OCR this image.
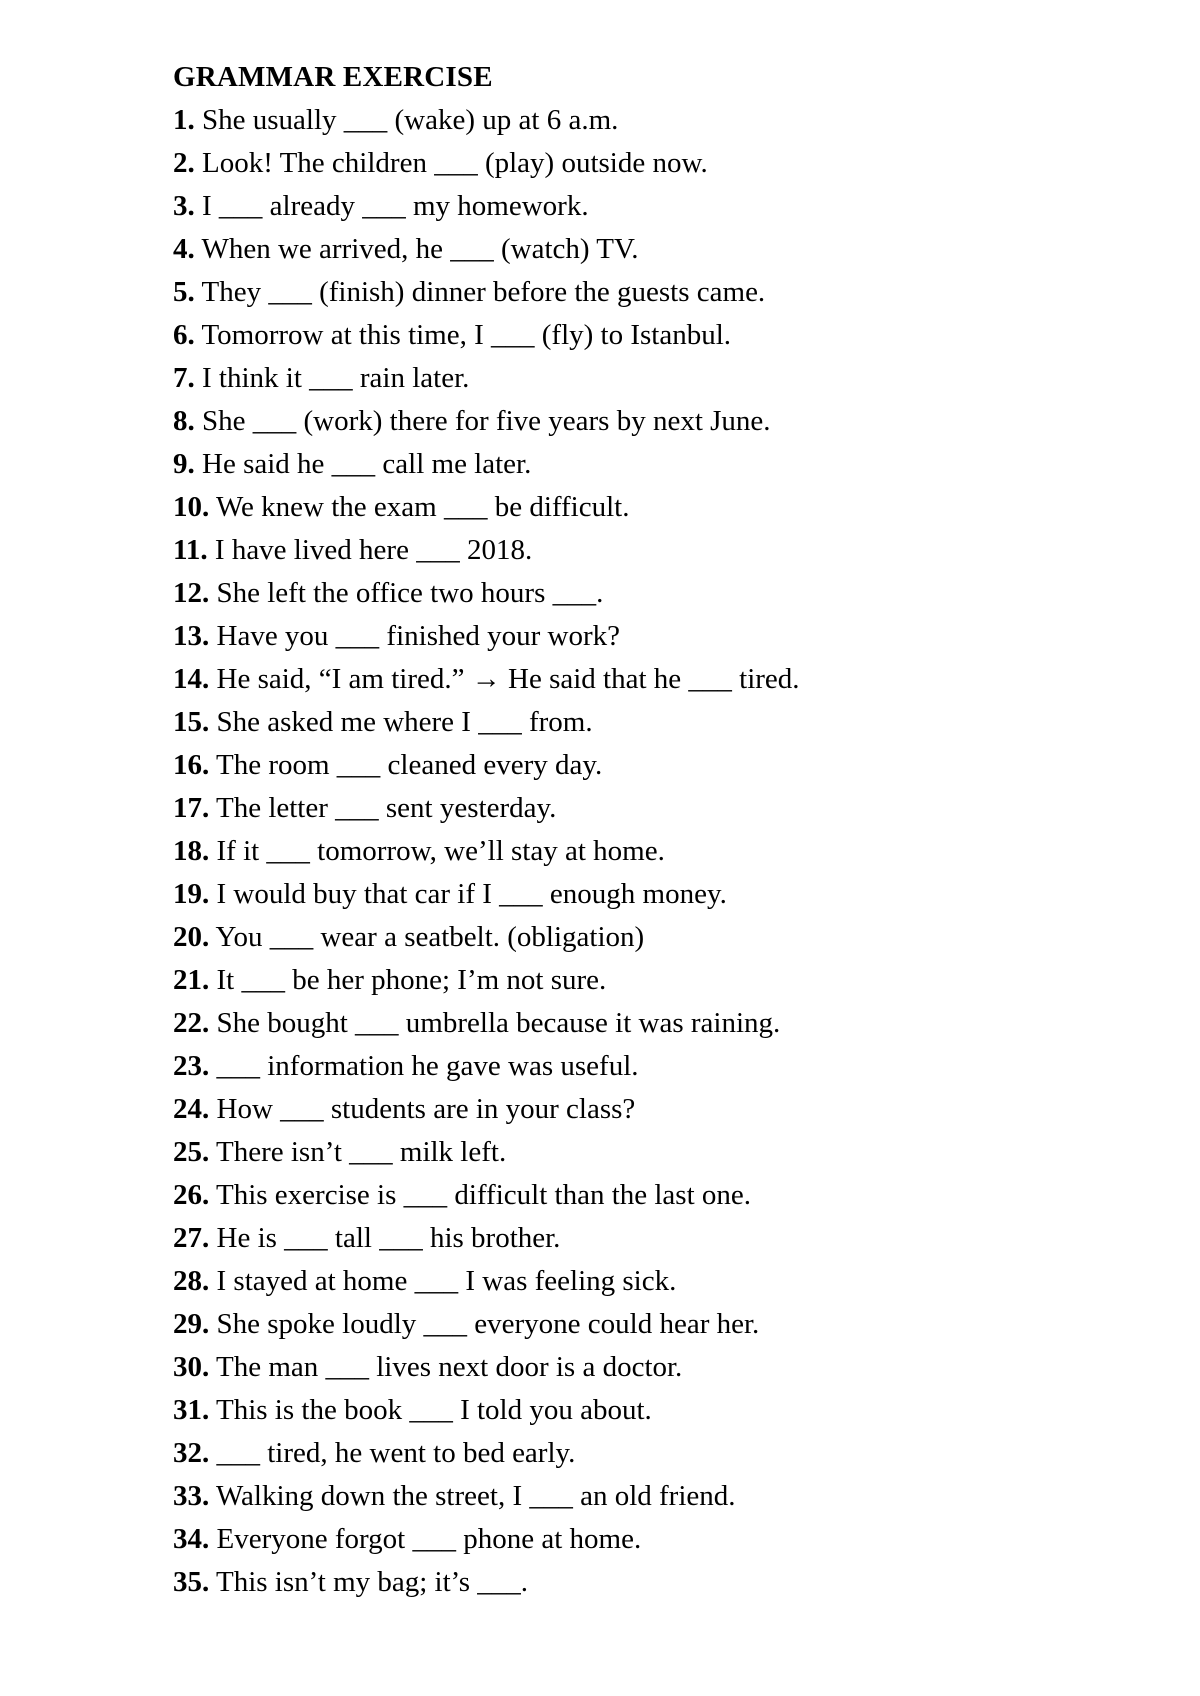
GRAMMAR EXERCISE
1. She usually ___ (wake) up at 6 a.m.
2. Look! The children ___ (play) outside now.
3. I ___ already ___ my homework.
4. When we arrived, he ___ (watch) TV.
5. They ___ (finish) dinner before the guests came.
6. Tomorrow at this time, I ___ (fly) to Istanbul.
7. I think it ___ rain later.
8. She ___ (work) there for five years by next June.
9. He said he ___ call me later.
10. We knew the exam ___ be difficult.
11. I have lived here ___ 2018.
12. She left the office two hours ___.
13. Have you ___ finished your work?
14. He said, “I am tired.” → He said that he ___ tired.
15. She asked me where I ___ from.
16. The room ___ cleaned every day.
17. The letter ___ sent yesterday.
18. If it ___ tomorrow, we’ll stay at home.
19. I would buy that car if I ___ enough money.
20. You ___ wear a seatbelt. (obligation)
21. It ___ be her phone; I’m not sure.
22. She bought ___ umbrella because it was raining.
23. ___ information he gave was useful.
24. How ___ students are in your class?
25. There isn’t ___ milk left.
26. This exercise is ___ difficult than the last one.
27. He is ___ tall ___ his brother.
28. I stayed at home ___ I was feeling sick.
29. She spoke loudly ___ everyone could hear her.
30. The man ___ lives next door is a doctor.
31. This is the book ___ I told you about.
32. ___ tired, he went to bed early.
33. Walking down the street, I ___ an old friend.
34. Everyone forgot ___ phone at home.
35. This isn’t my bag; it’s ___.
